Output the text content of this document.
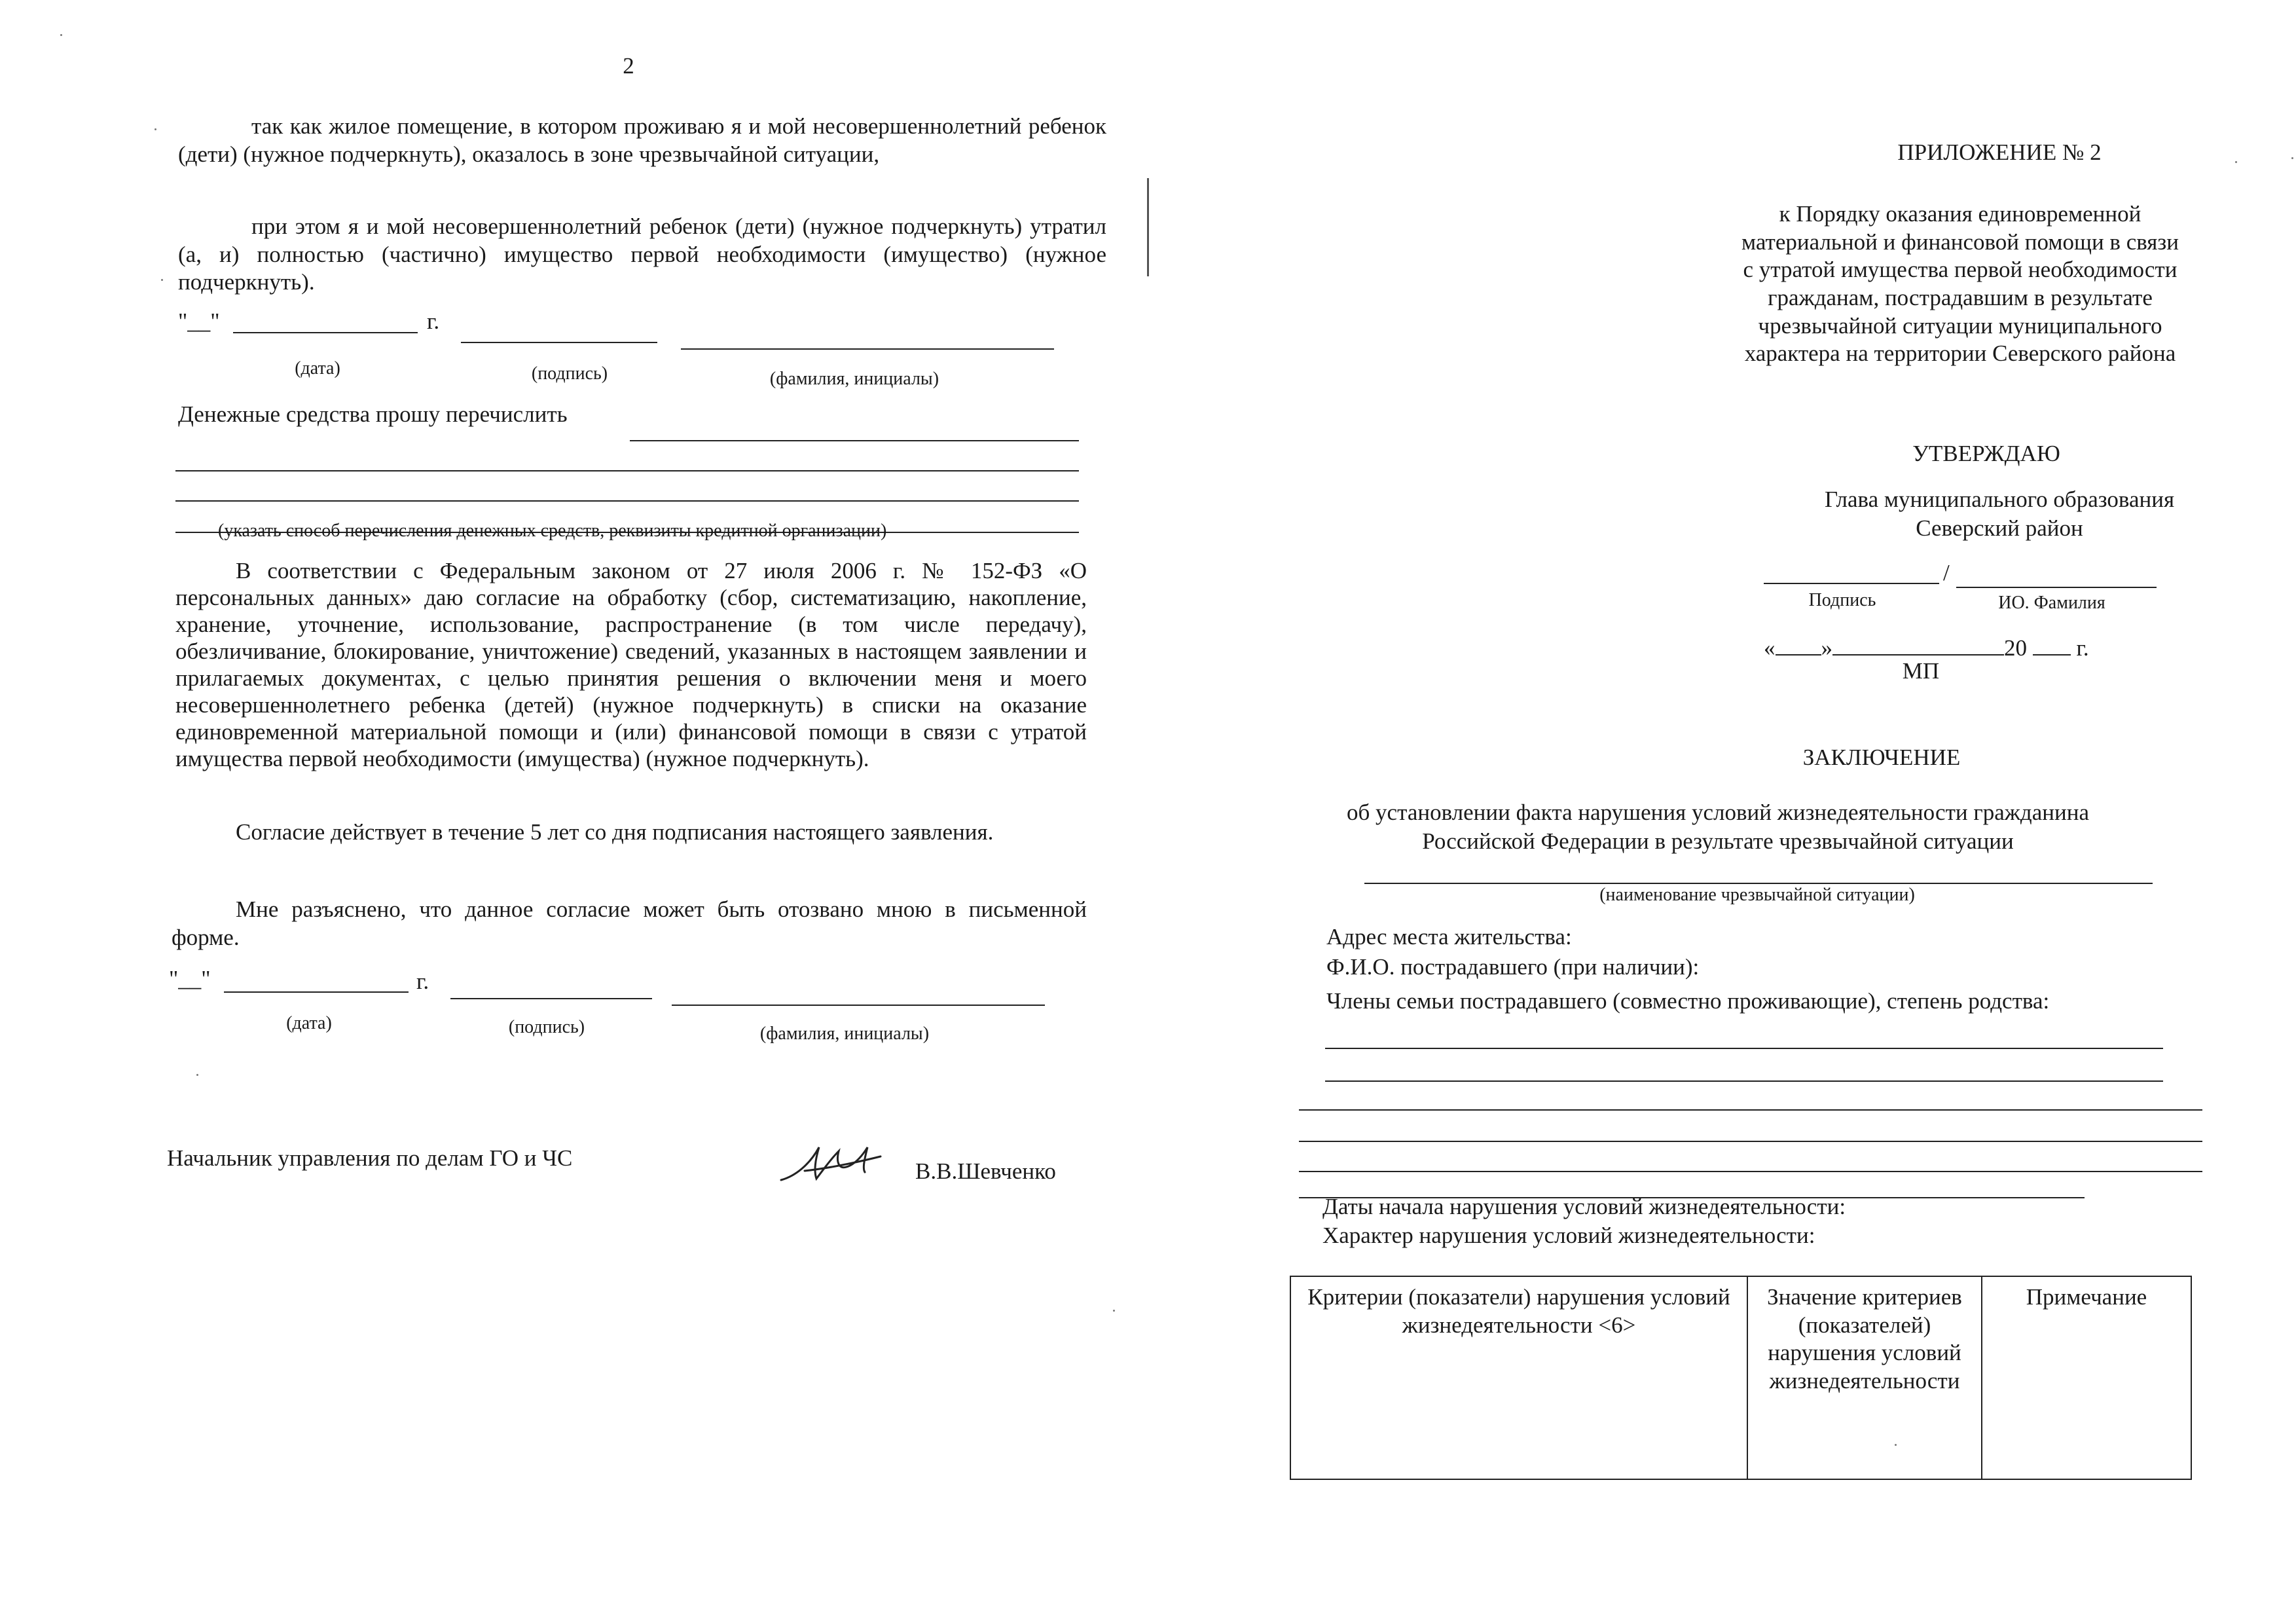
2
так как жилое помещение, в котором проживаю я и мой несовершеннолетний ребенок (дети) (нужное подчеркнуть), оказалось в зоне чрезвычайной ситуации,
при этом я и мой несовершеннолетний ребенок (дети) (нужное подчеркнуть) утратил (а, и) полностью (частично) имущество первой необходимости (имущество) (нужное подчеркнуть).
"__"	г.
(дата)	(подпись)	(фамилия, инициалы)
Денежные средства прошу перечислить
(указать способ перечисления денежных средств, реквизиты кредитной организации)
В соответствии с Федеральным законом от 27 июля 2006 г. № 152-ФЗ «О персональных данных» даю согласие на обработку (сбор, систематизацию, накопление, хранение, уточнение, использование, распространение (в том числе передачу), обезличивание, блокирование, уничтожение) сведений, указанных в настоящем заявлении и прилагаемых документах, с целью принятия решения о включении меня и моего несовершеннолетнего ребенка (детей) (нужное подчеркнуть) в списки на оказание единовременной материальной помощи и (или) финансовой помощи в связи с утратой имущества первой необходимости (имущества) (нужное подчеркнуть).
Согласие действует в течение 5 лет со дня подписания настоящего заявления.
Мне разъяснено, что данное согласие может быть отозвано мною в письменной форме.
"__"	г.
(дата)	(подпись)	(фамилия, инициалы)
Начальник управления по делам ГО и ЧС
В.В.Шевченко
ПРИЛОЖЕНИЕ № 2
к Порядку оказания единовременной
материальной и финансовой помощи в связи
с утратой имущества первой необходимости
гражданам, пострадавшим в результате
чрезвычайной ситуации муниципального
характера на территории Северского района
УТВЕРЖДАЮ
Глава муниципального образования
Северский район
/
Подпись	ИО. Фамилия
« »	20 г.
МП
ЗАКЛЮЧЕНИЕ
об установлении факта нарушения условий жизнедеятельности гражданина
Российской Федерации в результате чрезвычайной ситуации
(наименование чрезвычайной ситуации)
Адрес места жительства:
Ф.И.О. пострадавшего (при наличии):
Члены семьи пострадавшего (совместно проживающие), степень родства:
Даты начала нарушения условий жизнедеятельности:
Характер нарушения условий жизнедеятельности:
Критерии (показатели) нарушения условий жизнедеятельности <6>	Значение критериев (показателей) нарушения условий жизнедеятельности	Примечание
